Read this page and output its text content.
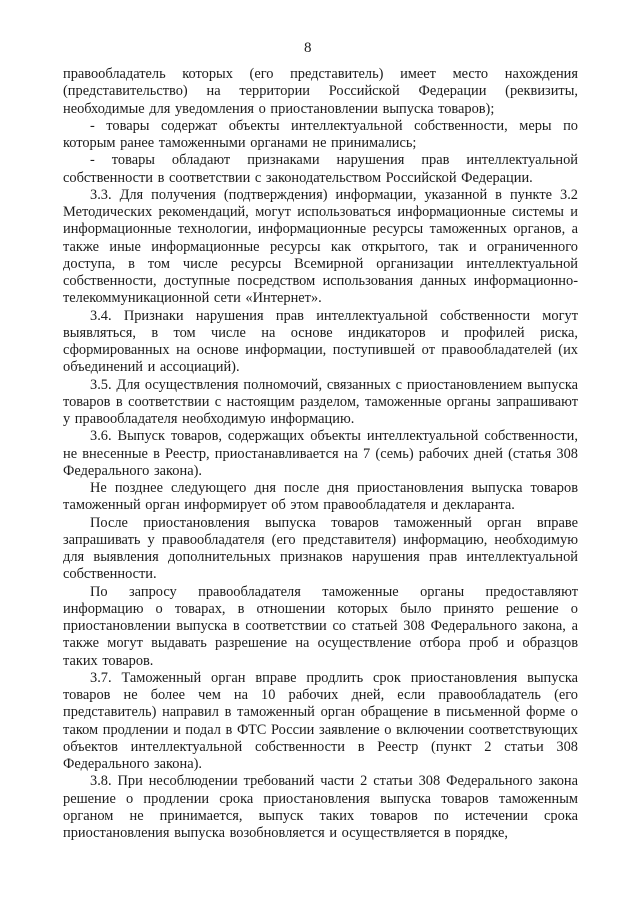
8

правообладатель которых (его представитель) имеет место нахождения (представительство) на территории Российской Федерации (реквизиты, необходимые для уведомления о приостановлении выпуска товаров);

- товары содержат объекты интеллектуальной собственности, меры по которым ранее таможенными органами не принимались;

- товары обладают признаками нарушения прав интеллектуальной собственности в соответствии с законодательством Российской Федерации.

3.3. Для получения (подтверждения) информации, указанной в пункте 3.2 Методических рекомендаций, могут использоваться информационные системы и информационные технологии, информационные ресурсы таможенных органов, а также иные информационные ресурсы как открытого, так и ограниченного доступа, в том числе ресурсы Всемирной организации интеллектуальной собственности, доступные посредством использования данных информационно-телекоммуникационной сети «Интернет».

3.4. Признаки нарушения прав интеллектуальной собственности могут выявляться, в том числе на основе индикаторов и профилей риска, сформированных на основе информации, поступившей от правообладателей (их объединений и ассоциаций).

3.5. Для осуществления полномочий, связанных с приостановлением выпуска товаров в соответствии с настоящим разделом, таможенные органы запрашивают у правообладателя необходимую информацию.

3.6. Выпуск товаров, содержащих объекты интеллектуальной собственности, не внесенные в Реестр, приостанавливается на 7 (семь) рабочих дней (статья 308 Федерального закона).

Не позднее следующего дня после дня приостановления выпуска товаров таможенный орган информирует об этом правообладателя и декларанта.

После приостановления выпуска товаров таможенный орган вправе запрашивать у правообладателя (его представителя) информацию, необходимую для выявления дополнительных признаков нарушения прав интеллектуальной собственности.

По запросу правообладателя таможенные органы предоставляют информацию о товарах, в отношении которых было принято решение о приостановлении выпуска в соответствии со статьей 308 Федерального закона, а также могут выдавать разрешение на осуществление отбора проб и образцов таких товаров.

3.7. Таможенный орган вправе продлить срок приостановления выпуска товаров не более чем на 10 рабочих дней, если правообладатель (его представитель) направил в таможенный орган обращение в письменной форме о таком продлении и подал в ФТС России заявление о включении соответствующих объектов интеллектуальной собственности в Реестр (пункт 2 статьи 308 Федерального закона).

3.8. При несоблюдении требований части 2 статьи 308 Федерального закона решение о продлении срока приостановления выпуска товаров таможенным органом не принимается, выпуск таких товаров по истечении срока приостановления выпуска возобновляется и осуществляется в порядке,
